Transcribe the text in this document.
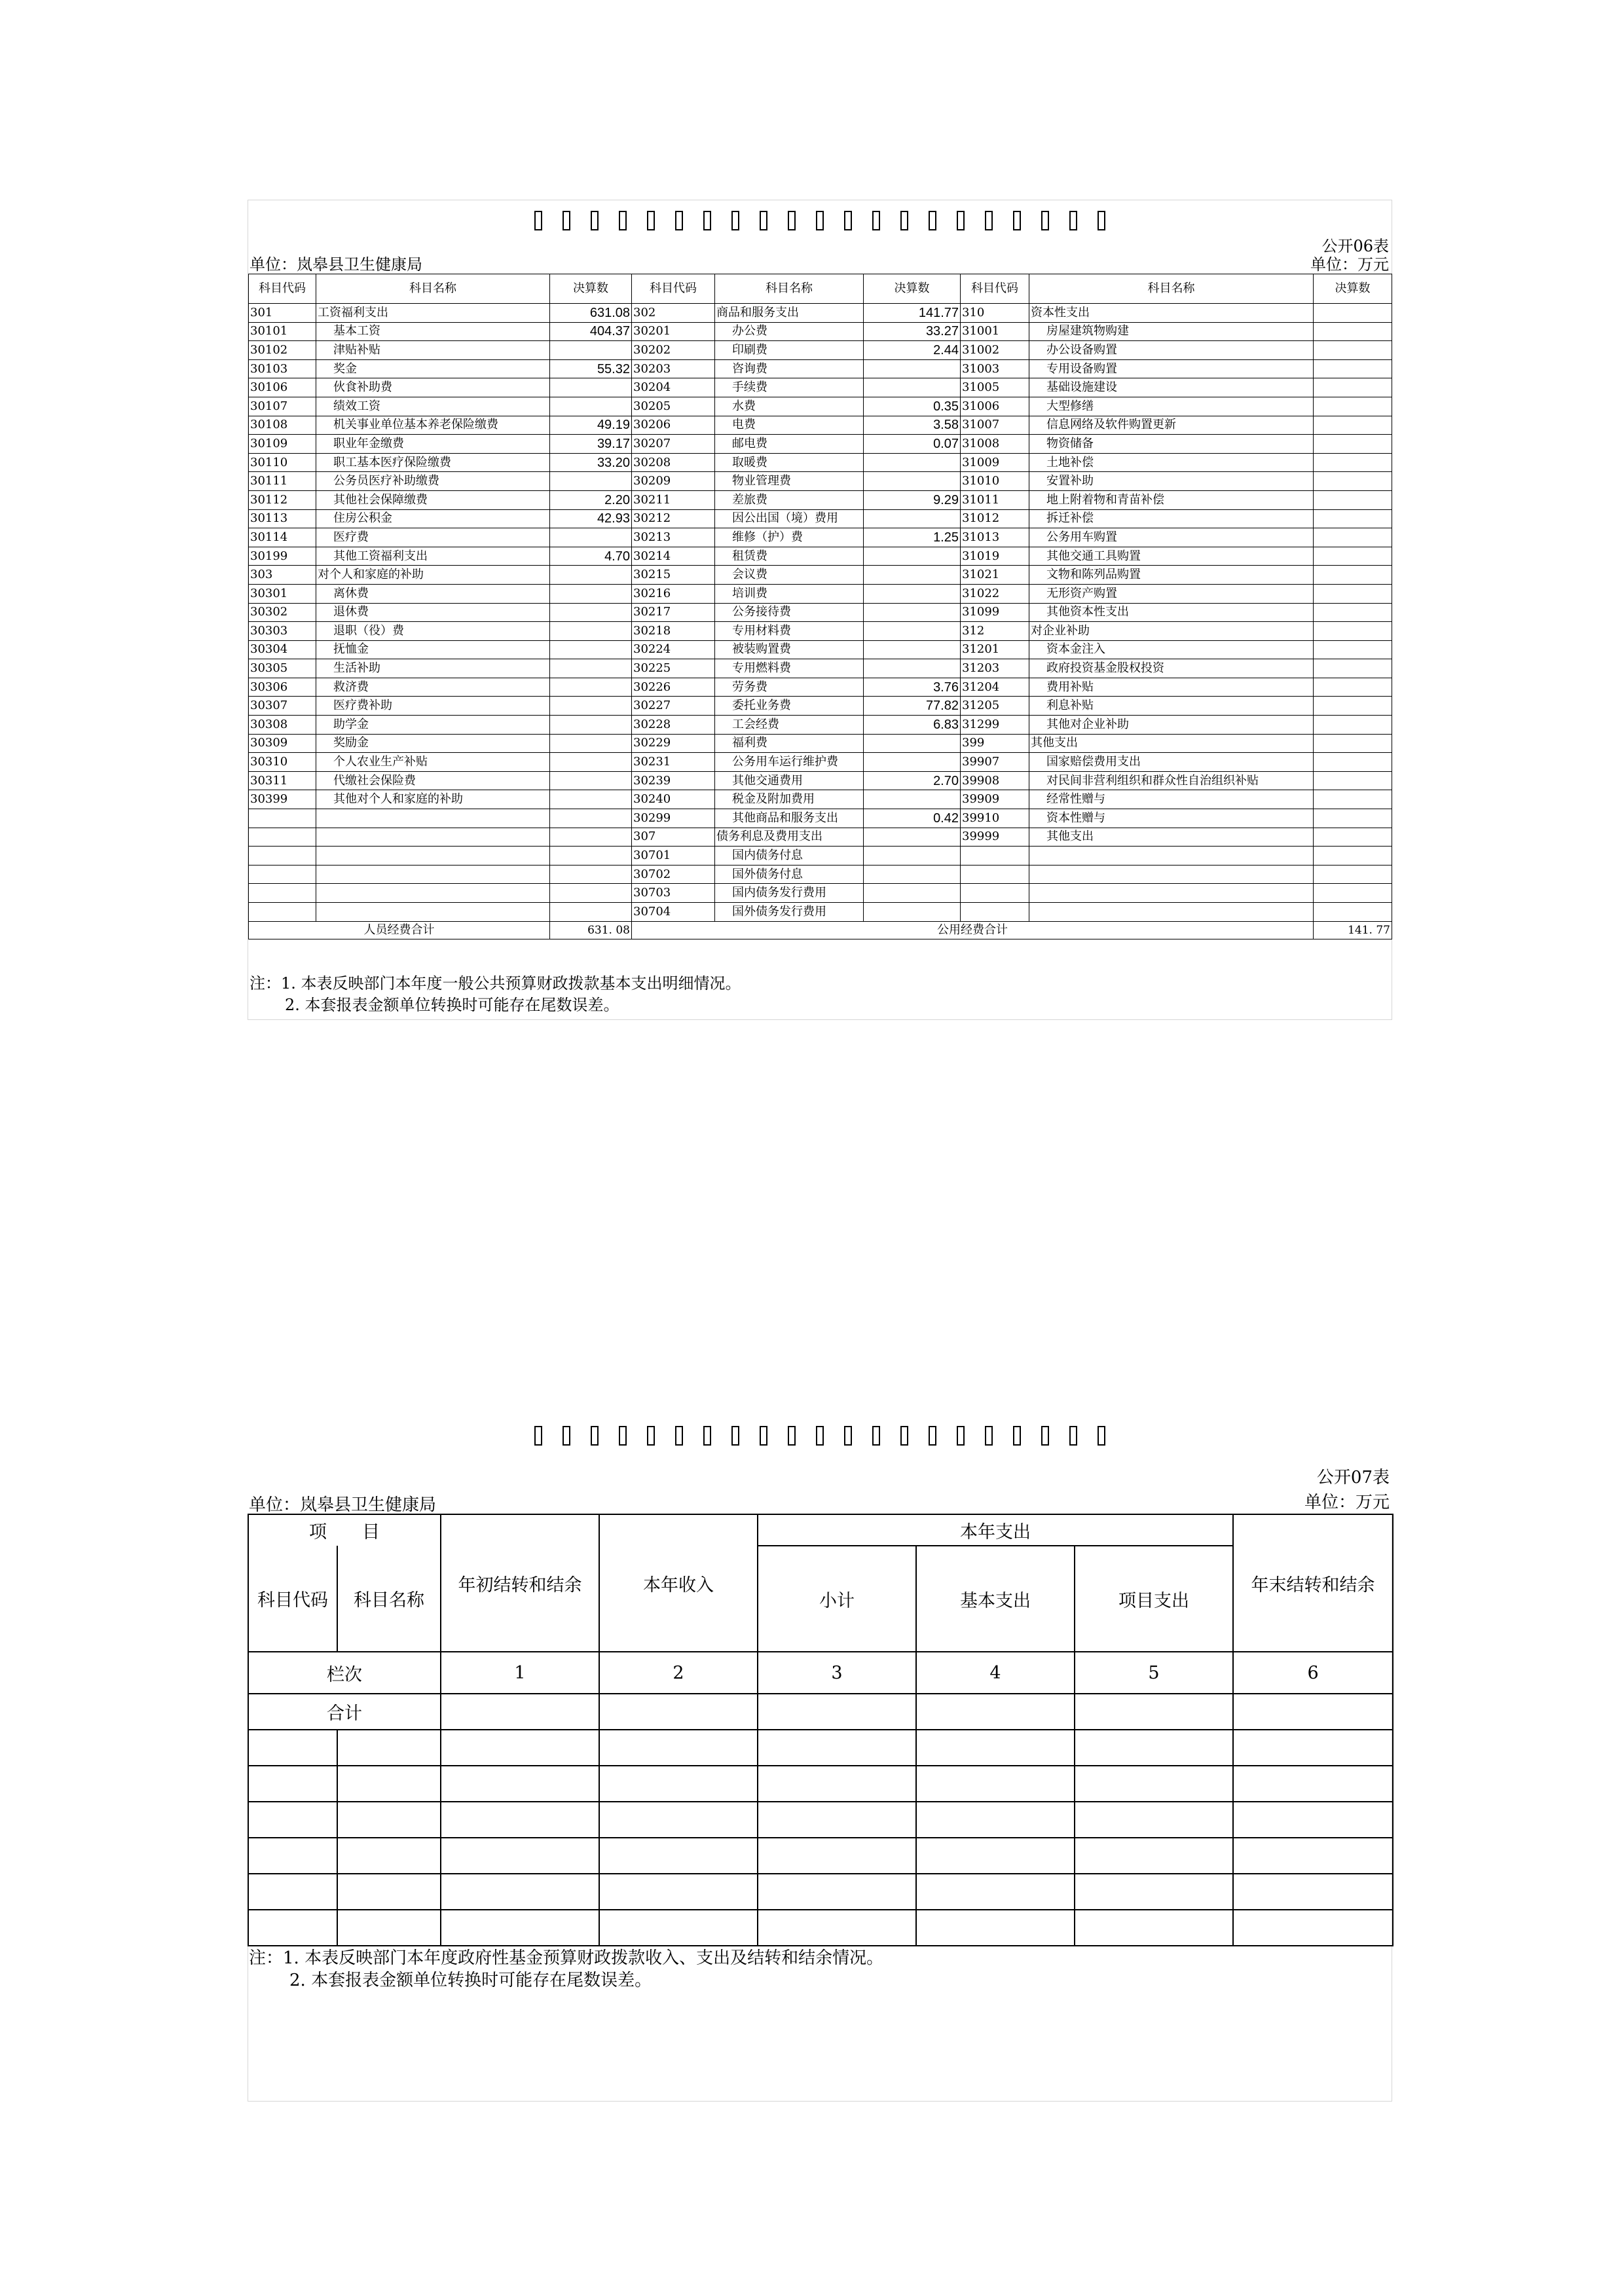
公开06表
单位：岚皋县卫生健康局	单位：万元
科目代码	科目名称	决算数	科目代码	科目名称	决算数	科目代码	科目名称	决算数
301	工资福利支出	631.08	302	商品和服务支出	141.77	310	资本性支出	
30101	基本工资	404.37	30201	办公费	33.27	31001	房屋建筑物购建	
30102	津贴补贴		30202	印刷费	2.44	31002	办公设备购置	
30103	奖金	55.32	30203	咨询费		31003	专用设备购置	
30106	伙食补助费		30204	手续费		31005	基础设施建设	
30107	绩效工资		30205	水费	0.35	31006	大型修缮	
30108	机关事业单位基本养老保险缴费	49.19	30206	电费	3.58	31007	信息网络及软件购置更新	
30109	职业年金缴费	39.17	30207	邮电费	0.07	31008	物资储备	
30110	职工基本医疗保险缴费	33.20	30208	取暖费		31009	土地补偿	
30111	公务员医疗补助缴费		30209	物业管理费		31010	安置补助	
30112	其他社会保障缴费	2.20	30211	差旅费	9.29	31011	地上附着物和青苗补偿	
30113	住房公积金	42.93	30212	因公出国（境）费用		31012	拆迁补偿	
30114	医疗费		30213	维修（护）费	1.25	31013	公务用车购置	
30199	其他工资福利支出	4.70	30214	租赁费		31019	其他交通工具购置	
303	对个人和家庭的补助		30215	会议费		31021	文物和陈列品购置	
30301	离休费		30216	培训费		31022	无形资产购置	
30302	退休费		30217	公务接待费		31099	其他资本性支出	
30303	退职（役）费		30218	专用材料费		312	对企业补助	
30304	抚恤金		30224	被装购置费		31201	资本金注入	
30305	生活补助		30225	专用燃料费		31203	政府投资基金股权投资	
30306	救济费		30226	劳务费	3.76	31204	费用补贴	
30307	医疗费补助		30227	委托业务费	77.82	31205	利息补贴	
30308	助学金		30228	工会经费	6.83	31299	其他对企业补助	
30309	奖励金		30229	福利费		399	其他支出	
30310	个人农业生产补贴		30231	公务用车运行维护费		39907	国家赔偿费用支出	
30311	代缴社会保险费		30239	其他交通费用	2.70	39908	对民间非营利组织和群众性自治组织补贴	
30399	其他对个人和家庭的补助		30240	税金及附加费用		39909	经常性赠与	
			30299	其他商品和服务支出	0.42	39910	资本性赠与	
			307	债务利息及费用支出		39999	其他支出	
			30701	国内债务付息				
			30702	国外债务付息				
			30703	国内债务发行费用				
			30704	国外债务发行费用				
人员经费合计		631. 08	公用经费合计					141. 77
注：1. 本表反映部门本年度一般公共预算财政拨款基本支出明细情况。
2. 本套报表金额单位转换时可能存在尾数误差。
公开07表
单位：岚皋县卫生健康局	单位：万元
项　　目		年初结转和结余	本年收入	本年支出			年末结转和结余
科目代码	科目名称			小计	基本支出	项目支出	
栏次		1	2	3	4	5	6
合计							

注：1. 本表反映部门本年度政府性基金预算财政拨款收入、支出及结转和结余情况。
2. 本套报表金额单位转换时可能存在尾数误差。
